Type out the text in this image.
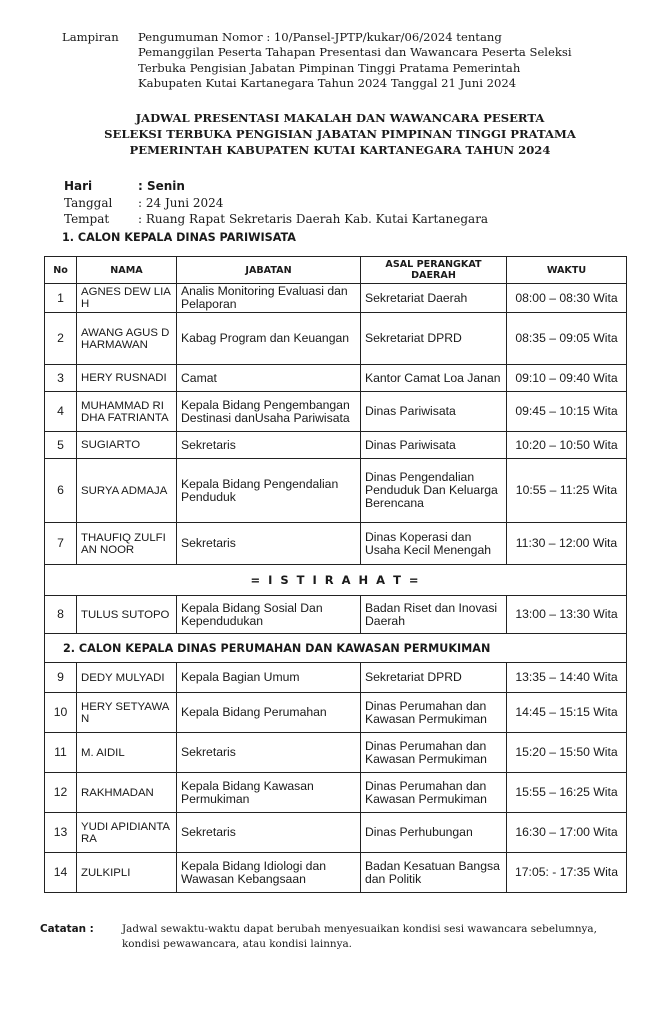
Lampiran	Pengumuman Nomor : 10/Pansel-JPTP/kukar/06/2024 tentang
Pemanggilan Peserta Tahapan Presentasi dan Wawancara Peserta Seleksi
Terbuka Pengisian Jabatan Pimpinan Tinggi Pratama Pemerintah
Kabupaten Kutai Kartanegara Tahun 2024 Tanggal 21 Juni 2024
JADWAL PRESENTASI MAKALAH DAN WAWANCARA PESERTA
SELEKSI TERBUKA PENGISIAN JABATAN PIMPINAN TINGGI PRATAMA
PEMERINTAH KABUPATEN KUTAI KARTANEGARA TAHUN 2024
Hari	: Senin
Tanggal	: 24 Juni 2024
Tempat	: Ruang Rapat Sekretaris Daerah Kab. Kutai Kartanegara
1. CALON KEPALA DINAS PARIWISATA
No	NAMA	JABATAN	ASAL PERANGKAT DAERAH	WAKTU
1	AGNES DEW LIAH	Analis Monitoring Evaluasi dan Pelaporan	Sekretariat Daerah	08:00 – 08:30 Wita
2	AWANG AGUS DHARMAWAN	Kabag Program dan Keuangan	Sekretariat DPRD	08:35 – 09:05 Wita
3	HERY RUSNADI	Camat	Kantor Camat Loa Janan	09:10 – 09:40 Wita
4	MUHAMMAD RIDHA FATRIANTA	Kepala Bidang Pengembangan Destinasi danUsaha Pariwisata	Dinas Pariwisata	09:45 – 10:15 Wita
5	SUGIARTO	Sekretaris	Dinas Pariwisata	10:20 – 10:50 Wita
6	SURYA ADMAJA	Kepala Bidang Pengendalian Penduduk	Dinas Pengendalian Penduduk Dan Keluarga Berencana	10:55 – 11:25 Wita
7	THAUFIQ ZULFIAN NOOR	Sekretaris	Dinas Koperasi dan Usaha Kecil Menengah	11:30 – 12:00 Wita
= I S T I R A H A T =				
8	TULUS SUTOPO	Kepala Bidang Sosial Dan Kependudukan	Badan Riset dan Inovasi Daerah	13:00 – 13:30 Wita
2. CALON KEPALA DINAS PERUMAHAN DAN KAWASAN PERMUKIMAN				
9	DEDY MULYADI	Kepala Bagian Umum	Sekretariat DPRD	13:35 – 14:40 Wita
10	HERY SETYAWAN	Kepala Bidang Perumahan	Dinas Perumahan dan Kawasan Permukiman	14:45 – 15:15 Wita
11	M. AIDIL	Sekretaris	Dinas Perumahan dan Kawasan Permukiman	15:20 – 15:50 Wita
12	RAKHMADAN	Kepala Bidang Kawasan Permukiman	Dinas Perumahan dan Kawasan Permukiman	15:55 – 16:25 Wita
13	YUDI APIDIANTARA	Sekretaris	Dinas Perhubungan	16:30 – 17:00 Wita
14	ZULKIPLI	Kepala Bidang Idiologi dan Wawasan Kebangsaan	Badan Kesatuan Bangsa dan Politik	17:05: - 17:35 Wita
Catatan :	Jadwal sewaktu-waktu dapat berubah menyesuaikan kondisi sesi wawancara sebelumnya, kondisi pewawancara, atau kondisi lainnya.
